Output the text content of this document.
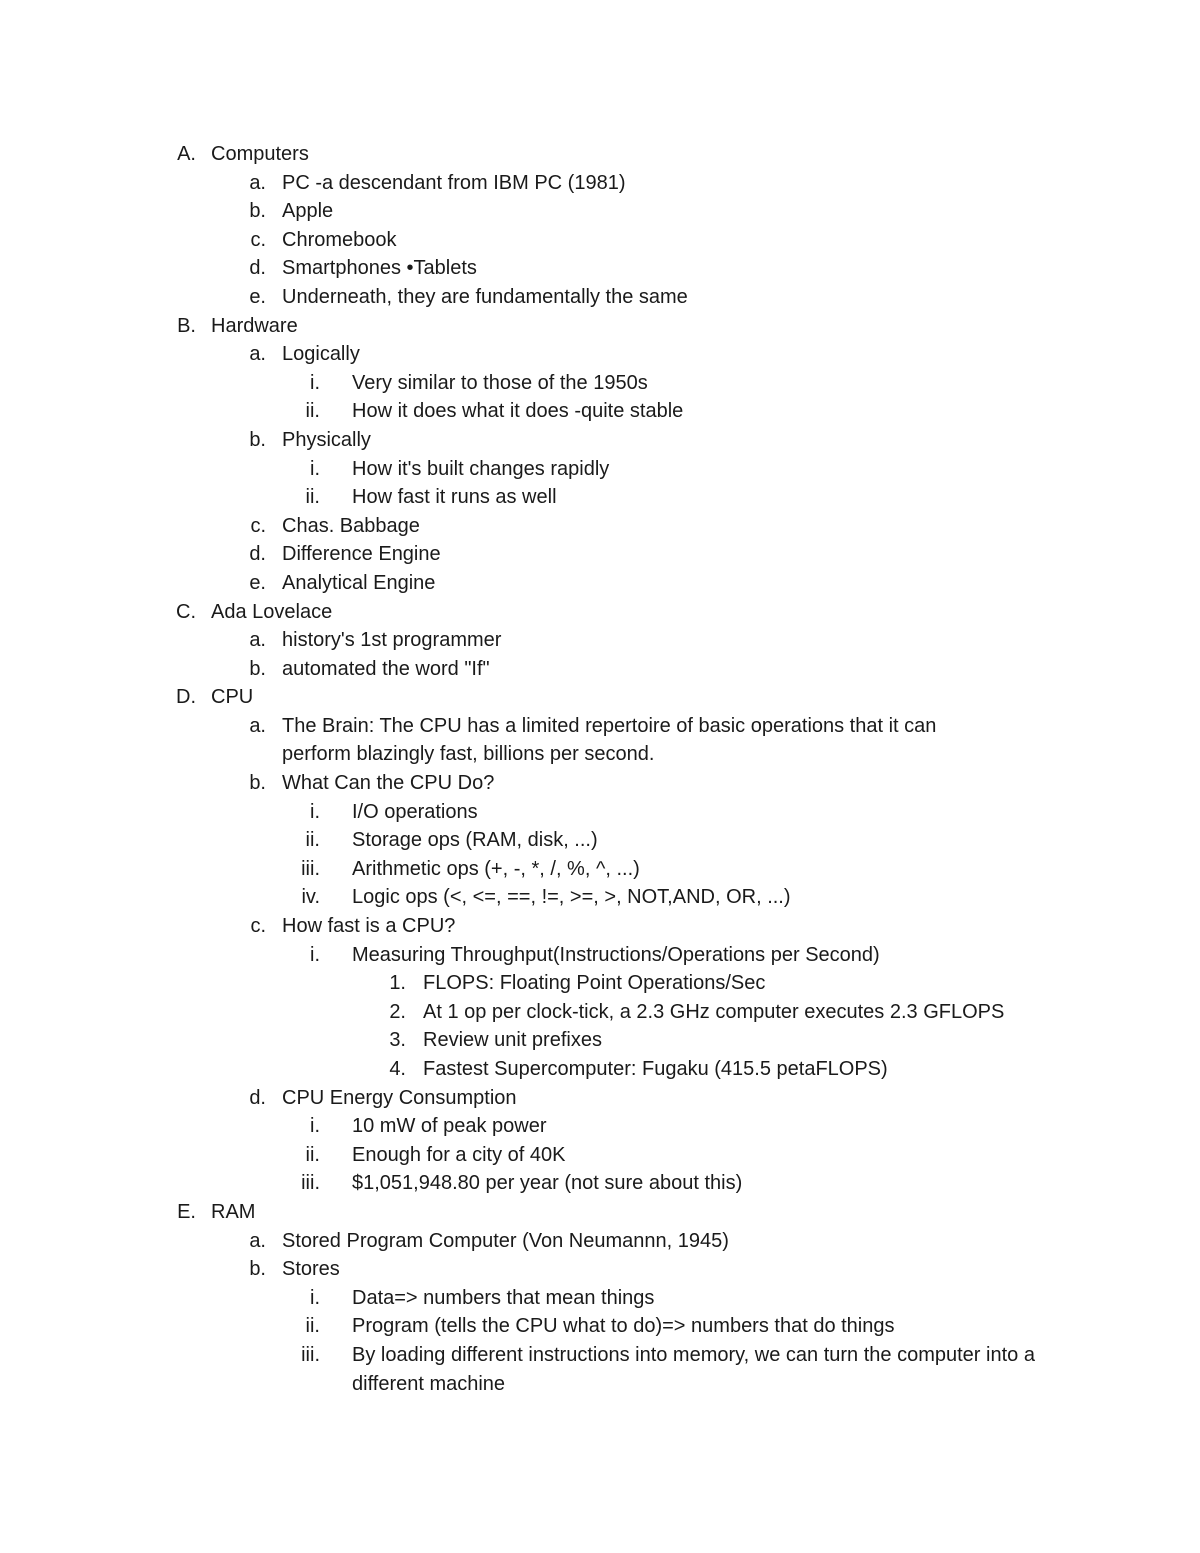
A. Computers
a. PC -a descendant from IBM PC (1981)
b. Apple
c. Chromebook
d. Smartphones •Tablets
e. Underneath, they are fundamentally the same
B. Hardware
a. Logically
i. Very similar to those of the 1950s
ii. How it does what it does -quite stable
b. Physically
i. How it's built changes rapidly
ii. How fast it runs as well
c. Chas. Babbage
d. Difference Engine
e. Analytical Engine
C. Ada Lovelace
a. history's 1st programmer
b. automated the word "If"
D. CPU
a. The Brain: The CPU has a limited repertoire of basic operations that it can perform blazingly fast, billions per second.
b. What Can the CPU Do?
i. I/O operations
ii. Storage ops (RAM, disk, ...)
iii. Arithmetic ops (+, -, *, /, %, ^, ...)
iv. Logic ops (<, <=, ==, !=, >=, >, NOT,AND, OR, ...)
c. How fast is a CPU?
i. Measuring Throughput(Instructions/Operations per Second)
1. FLOPS: Floating Point Operations/Sec
2. At 1 op per clock-tick, a 2.3 GHz computer executes 2.3 GFLOPS
3. Review unit prefixes
4. Fastest Supercomputer: Fugaku (415.5 petaFLOPS)
d. CPU Energy Consumption
i. 10 mW of peak power
ii. Enough for a city of 40K
iii. $1,051,948.80 per year (not sure about this)
E. RAM
a. Stored Program Computer (Von Neumannn, 1945)
b. Stores
i. Data=> numbers that mean things
ii. Program (tells the CPU what to do)=> numbers that do things
iii. By loading different instructions into memory, we can turn the computer into a different machine
